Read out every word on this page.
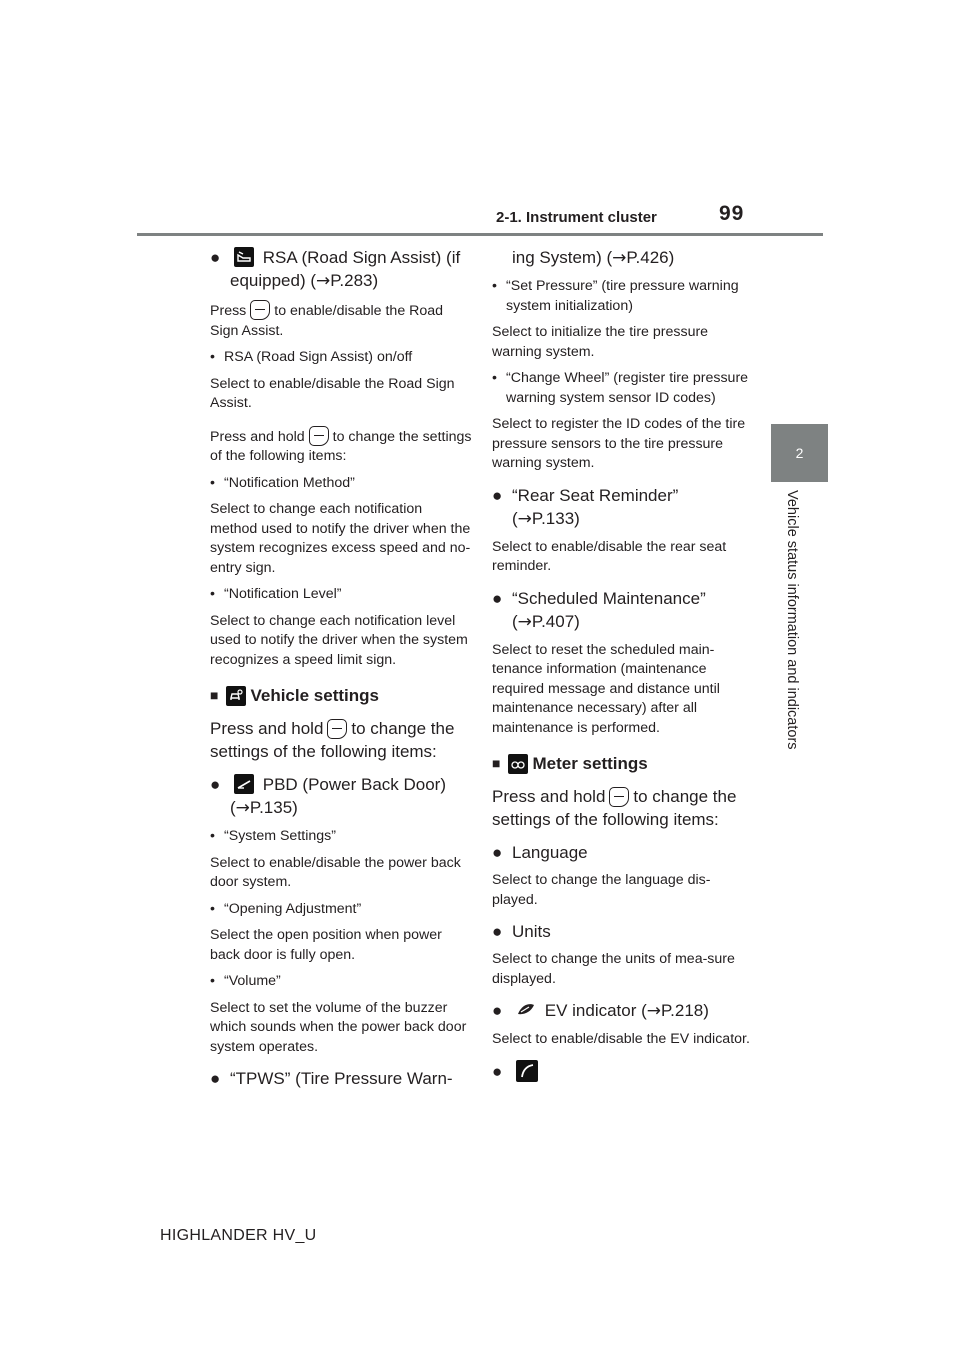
2-1. Instrument cluster	99
2
Vehicle status information and indicators
● RSA (Road Sign Assist) (if equipped) (→P.283)
Press to enable/disable the Road Sign Assist.
• RSA (Road Sign Assist) on/off
Select to enable/disable the Road Sign Assist.
Press and hold to change the settings of the following items:
• “Notification Method”
Select to change each notification method used to notify the driver when the system recognizes excess speed and no-entry sign.
• “Notification Level”
Select to change each notification level used to notify the driver when the system recognizes a speed limit sign.
■ Vehicle settings
Press and hold to change the settings of the following items:
● PBD (Power Back Door)
(→P.135)
• “System Settings”
Select to enable/disable the power back door system.
• “Opening Adjustment”
Select the open position when power back door is fully open.
• “Volume”
Select to set the volume of the buzzer which sounds when the power back door system operates.
● “TPWS” (Tire Pressure Warn-
ing System) (→P.426)
• “Set Pressure” (tire pressure warning system initialization)
Select to initialize the tire pressure warning system.
• “Change Wheel” (register tire pressure warning system sensor ID codes)
Select to register the ID codes of the tire pressure sensors to the tire pressure warning system.
● “Rear Seat Reminder”
(→P.133)
Select to enable/disable the rear seat reminder.
● “Scheduled Maintenance”
(→P.407)
Select to reset the scheduled main-tenance information (maintenance required message and distance until maintenance necessary) after all maintenance is performed.
■ Meter settings
Press and hold to change the settings of the following items:
● Language
Select to change the language dis-played.
● Units
Select to change the units of mea-sure displayed.
● EV indicator (→P.218)
Select to enable/disable the EV indicator.
●
HIGHLANDER HV_U
